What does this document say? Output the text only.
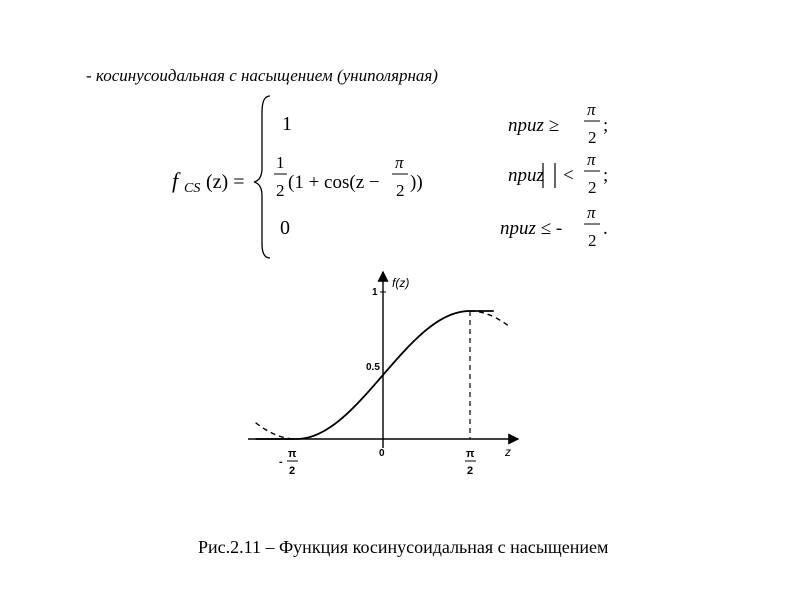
- косинусоидальная с насыщением (униполярная)
f CS (z) =
1
1
2 (1 + cos(z −
π
2 ))
0
приz ≥
π
2
;
приz <
π
2
;
приz ≤ -
π
2
.
f(z)
z
1
0.5
0
-
π
2
π
2
Рис.2.11 – Функция косинусоидальная с насыщением
